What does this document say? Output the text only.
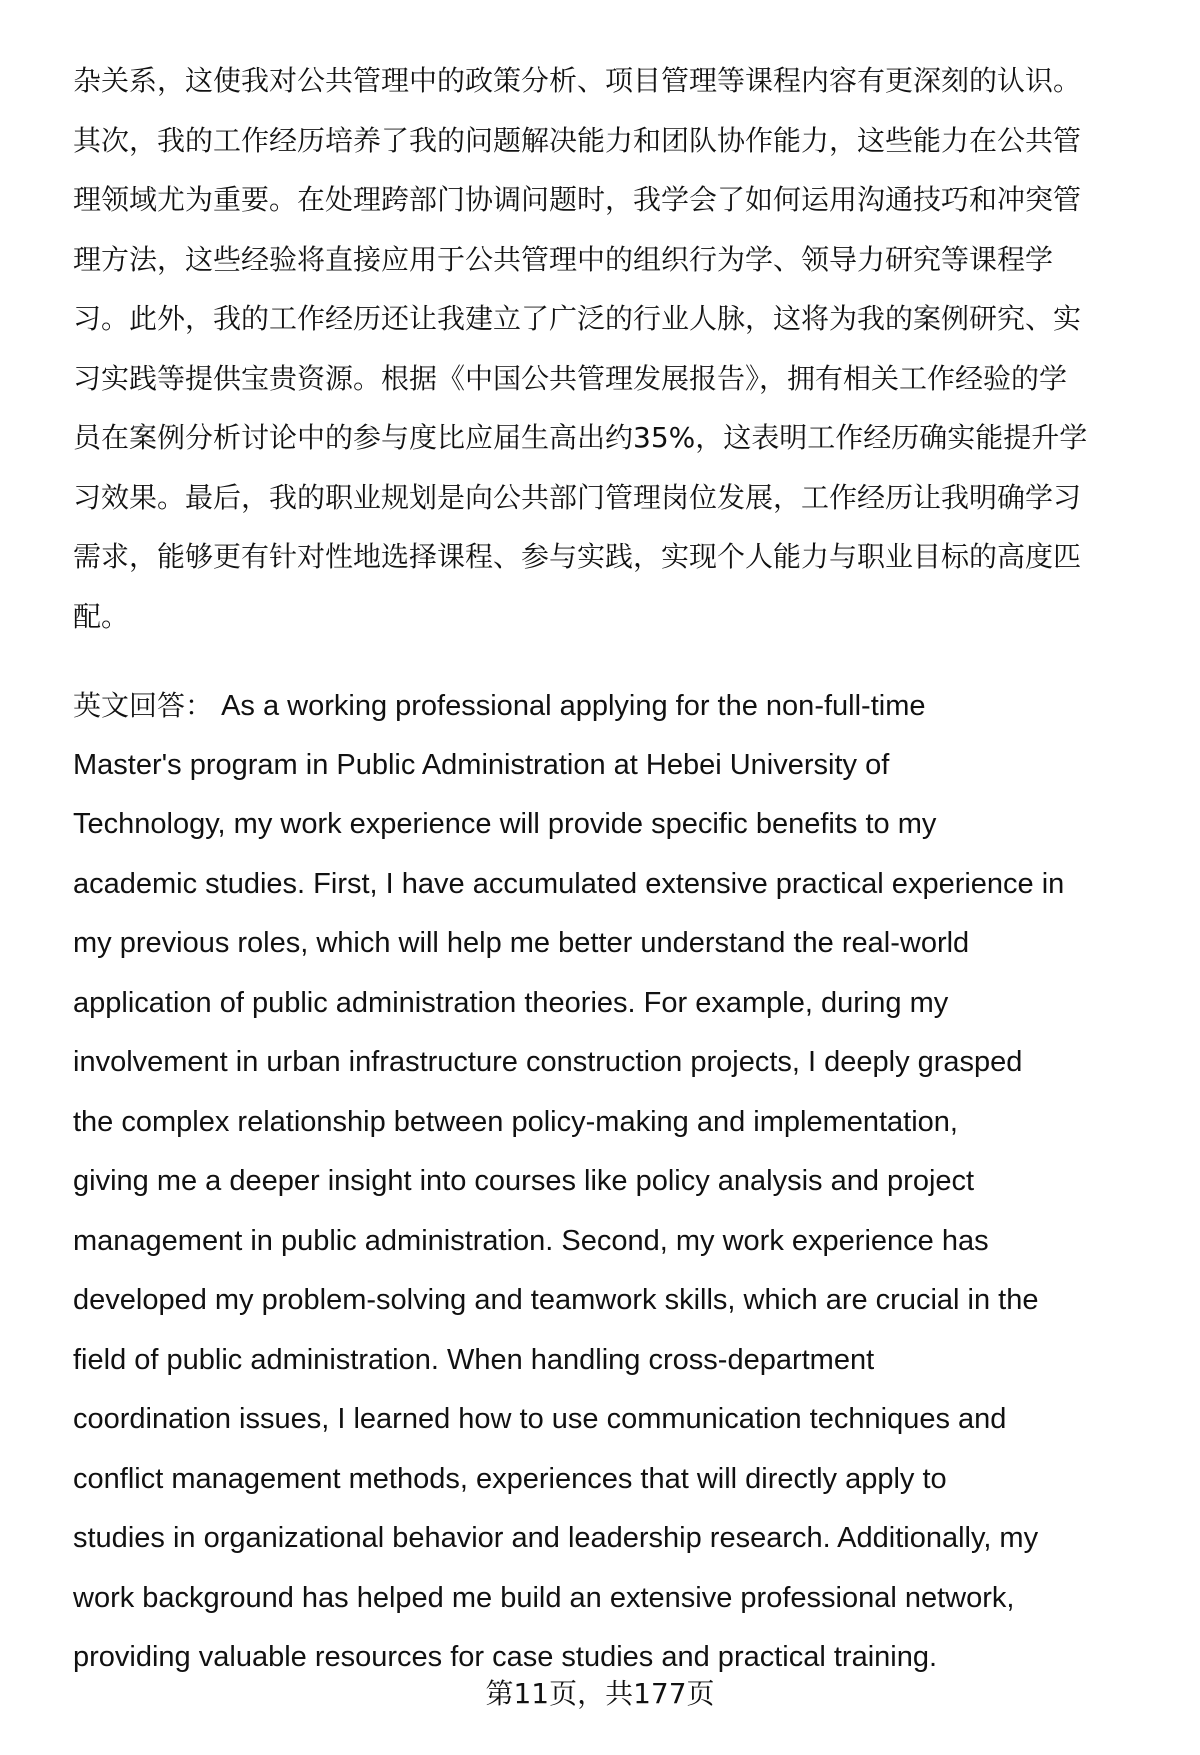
杂关系，这使我对公共管理中的政策分析、项目管理等课程内容有更深刻的认识。
其次，我的工作经历培养了我的问题解决能力和团队协作能力，这些能力在公共管
理领域尤为重要。在处理跨部门协调问题时，我学会了如何运用沟通技巧和冲突管
理方法，这些经验将直接应用于公共管理中的组织行为学、领导力研究等课程学
习。此外，我的工作经历还让我建立了广泛的行业人脉，这将为我的案例研究、实
习实践等提供宝贵资源。根据《中国公共管理发展报告》，拥有相关工作经验的学
员在案例分析讨论中的参与度比应届生高出约35%，这表明工作经历确实能提升学
习效果。最后，我的职业规划是向公共部门管理岗位发展，工作经历让我明确学习
需求，能够更有针对性地选择课程、参与实践，实现个人能力与职业目标的高度匹
配。
英文回答： As a working professional applying for the non-full-time
Master's program in Public Administration at Hebei University of
Technology, my work experience will provide specific benefits to my
academic studies. First, I have accumulated extensive practical experience in
my previous roles, which will help me better understand the real-world
application of public administration theories. For example, during my
involvement in urban infrastructure construction projects, I deeply grasped
the complex relationship between policy-making and implementation,
giving me a deeper insight into courses like policy analysis and project
management in public administration. Second, my work experience has
developed my problem-solving and teamwork skills, which are crucial in the
field of public administration. When handling cross-department
coordination issues, I learned how to use communication techniques and
conflict management methods, experiences that will directly apply to
studies in organizational behavior and leadership research. Additionally, my
work background has helped me build an extensive professional network,
providing valuable resources for case studies and practical training.
第11页，共177页
